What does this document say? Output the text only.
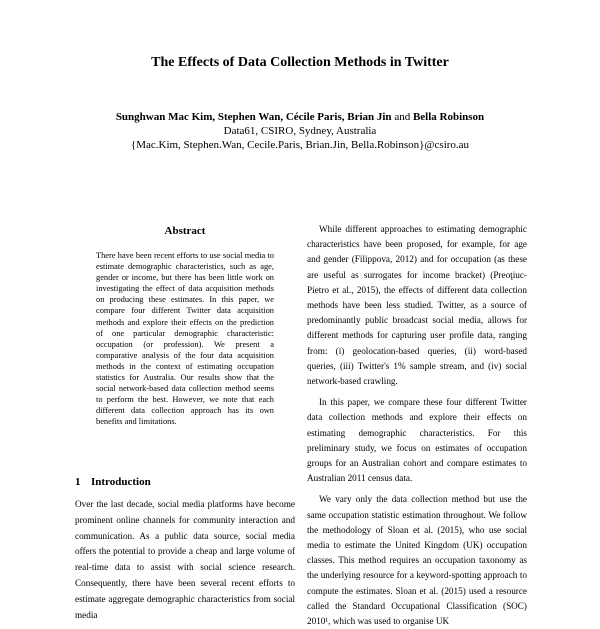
The Effects of Data Collection Methods in Twitter
Sunghwan Mac Kim, Stephen Wan, Cécile Paris, Brian Jin and Bella Robinson
Data61, CSIRO, Sydney, Australia
{Mac.Kim, Stephen.Wan, Cecile.Paris, Brian.Jin, Bella.Robinson}@csiro.au
Abstract

There have been recent efforts to use social media to estimate demographic characteristics, such as age, gender or income, but there has been little work on investigating the effect of data acquisition methods on producing these estimates. In this paper, we compare four different Twitter data acquisition methods and explore their effects on the prediction of one particular demographic characteristic: occupation (or profession). We present a comparative analysis of the four data acquisition methods in the context of estimating occupation statistics for Australia. Our results show that the social network-based data collection method seems to perform the best. However, we note that each different data collection approach has its own benefits and limitations.

1 Introduction

Over the last decade, social media platforms have become prominent online channels for community interaction and communication. As a public data source, social media offers the potential to provide a cheap and large volume of real-time data to assist with social science research. Consequently, there have been several recent efforts to estimate aggregate demographic characteristics from social media

While different approaches to estimating demographic characteristics have been proposed, for example, for age and gender (Filippova, 2012) and for occupation (as these are useful as surrogates for income bracket) (Preoţiuc-Pietro et al., 2015), the effects of different data collection methods have been less studied. Twitter, as a source of predominantly public broadcast social media, allows for different methods for capturing user profile data, ranging from: (i) geolocation-based queries, (ii) word-based queries, (iii) Twitter's 1% sample stream, and (iv) social network-based crawling.

In this paper, we compare these four different Twitter data collection methods and explore their effects on estimating demographic characteristics. For this preliminary study, we focus on estimates of occupation groups for an Australian cohort and compare estimates to Australian 2011 census data.

We vary only the data collection method but use the same occupation statistic estimation throughout. We follow the methodology of Sloan et al. (2015), who use social media to estimate the United Kingdom (UK) occupation classes. This method requires an occupation taxonomy as the underlying resource for a keyword-spotting approach to compute the estimates. Sloan et al. (2015) used a resource called the Standard Occupational Classification (SOC) 2010¹, which was used to organise UK
